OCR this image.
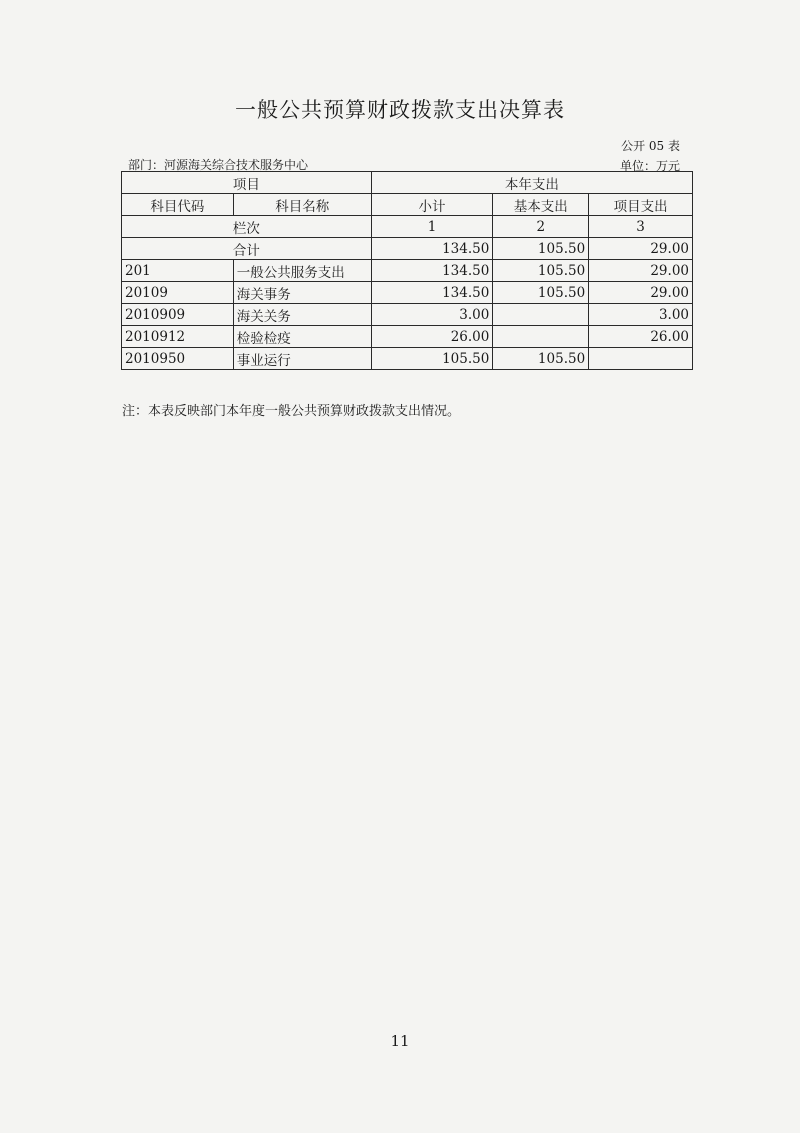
一般公共预算财政拨款支出决算表
公开 05 表
部门：河源海关综合技术服务中心	单位：万元
项目		本年支出		
科目代码	科目名称	小计	基本支出	项目支出
栏次		1	2	3
合计		134.50	105.50	29.00
201	一般公共服务支出	134.50	105.50	29.00
20109	海关事务	134.50	105.50	29.00
2010909	海关关务	3.00		3.00
2010912	检验检疫	26.00		26.00
2010950	事业运行	105.50	105.50	
注：本表反映部门本年度一般公共预算财政拨款支出情况。
11
